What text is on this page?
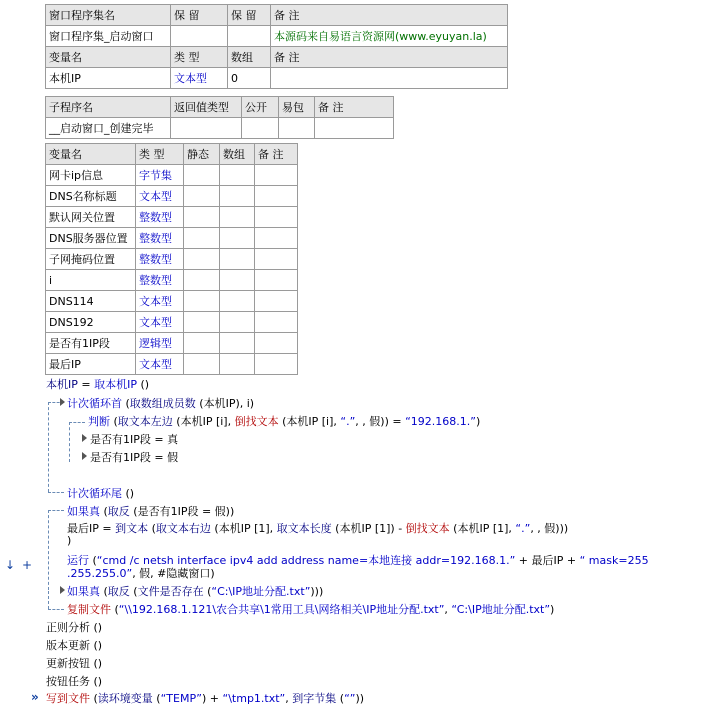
窗口程序集名	保 留	保 留	备 注
窗口程序集_启动窗口			本源码来自易语言资源网(www.eyuyan.la)
变量名	类 型	数组	备 注
本机IP	文本型	0	
子程序名	返回值类型	公开	易包	备 注
__启动窗口_创建完毕				
变量名	类 型	静态	数组	备 注
网卡ip信息	字节集			
DNS名称标题	文本型			
默认网关位置	整数型			
DNS服务器位置	整数型			
子网掩码位置	整数型			
i	整数型			
DNS114	文本型			
DNS192	文本型			
是否有1IP段	逻辑型			
最后IP	文本型			
↓ +
»
本机IP = 取本机IP ()
计次循环首 (取数组成员数 (本机IP), i)
判断 (取文本左边 (本机IP [i], 倒找文本 (本机IP [i], “.”, , 假)) = “192.168.1.”)
是否有1IP段 = 真
是否有1IP段 = 假
计次循环尾 ()
如果真 (取反 (是否有1IP段 = 假))
最后IP = 到文本 (取文本右边 (本机IP [1], 取文本长度 (本机IP [1]) - 倒找文本 (本机IP [1], “.”, , 假)))
)
运行 (“cmd /c netsh interface ipv4 add address name=本地连接 addr=192.168.1.” + 最后IP + “ mask=255
.255.255.0”, 假, #隐藏窗口)
如果真 (取反 (文件是否存在 (“C:\IP地址分配.txt”)))
复制文件 (“\\192.168.1.121\农合共享\1常用工具\网络相关\IP地址分配.txt”, “C:\IP地址分配.txt”)
正则分析 ()
版本更新 ()
更新按钮 ()
按钮任务 ()
写到文件 (读环境变量 (“TEMP”) + “\tmp1.txt”, 到字节集 (“”))
